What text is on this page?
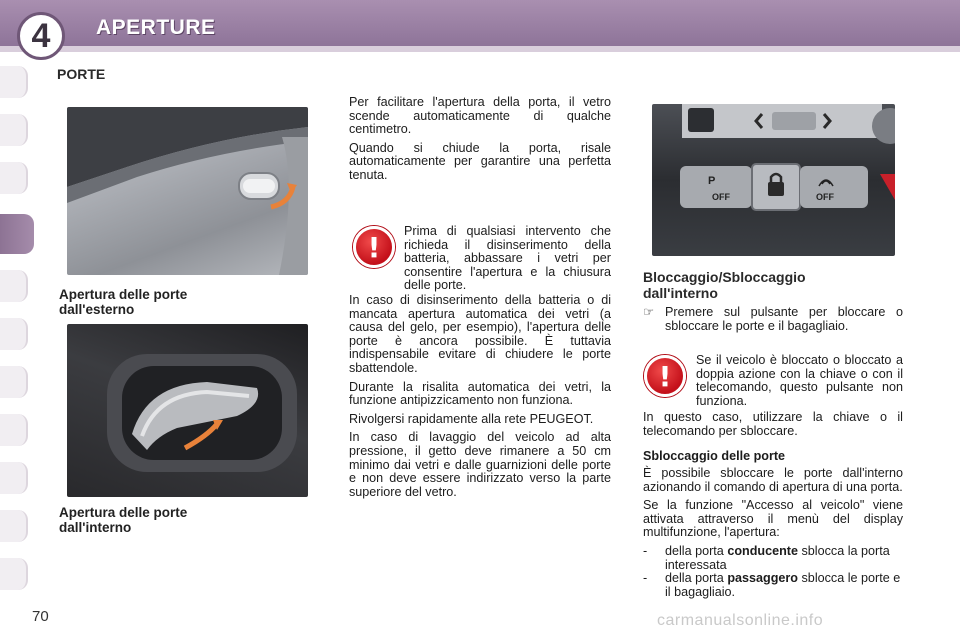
4	APERTURE
PORTE
Apertura delle porte dall'esterno
Apertura delle porte dall'interno

Per facilitare l'apertura della porta, il vetro scende automaticamente di qualche centimetro.

Quando si chiude la porta, risale automaticamente per garantire una perfetta tenuta.

!	Prima di qualsiasi intervento che richieda il disinserimento della batteria, abbassare i vetri per consentire l'apertura e la chiusura delle porte.

In caso di disinserimento della batteria o di mancata apertura automatica dei vetri (a causa del gelo, per esempio), l'apertura delle porte è ancora possibile. È tuttavia indispensabile evitare di chiudere le porte sbattendole.

Durante la risalita automatica dei vetri, la funzione antipizzicamento non funziona.

Rivolgersi rapidamente alla rete PEUGEOT.

In caso di lavaggio del veicolo ad alta pressione, il getto deve rimanere a 50 cm minimo dai vetri e dalle guarnizioni delle porte e non deve essere indirizzato verso la parte superiore del vetro.

P
OFF	OFF
Bloccaggio/Sbloccaggio dall'interno
☞ Premere sul pulsante per bloccare o sbloccare le porte e il bagagliaio.
!	Se il veicolo è bloccato o bloccato a doppia azione con la chiave o con il telecomando, questo pulsante non funziona.
In questo caso, utilizzare la chiave o il telecomando per sbloccare.
Sbloccaggio delle porte

È possibile sbloccare le porte dall'interno azionando il comando di apertura di una porta.

Se la funzione "Accesso al veicolo" viene attivata attraverso il menù del display multifunzione, l'apertura:

-	della porta conducente sblocca la porta interessata
-	della porta passaggero sblocca le porte e il bagagliaio.
70	carmanualsonline.info
